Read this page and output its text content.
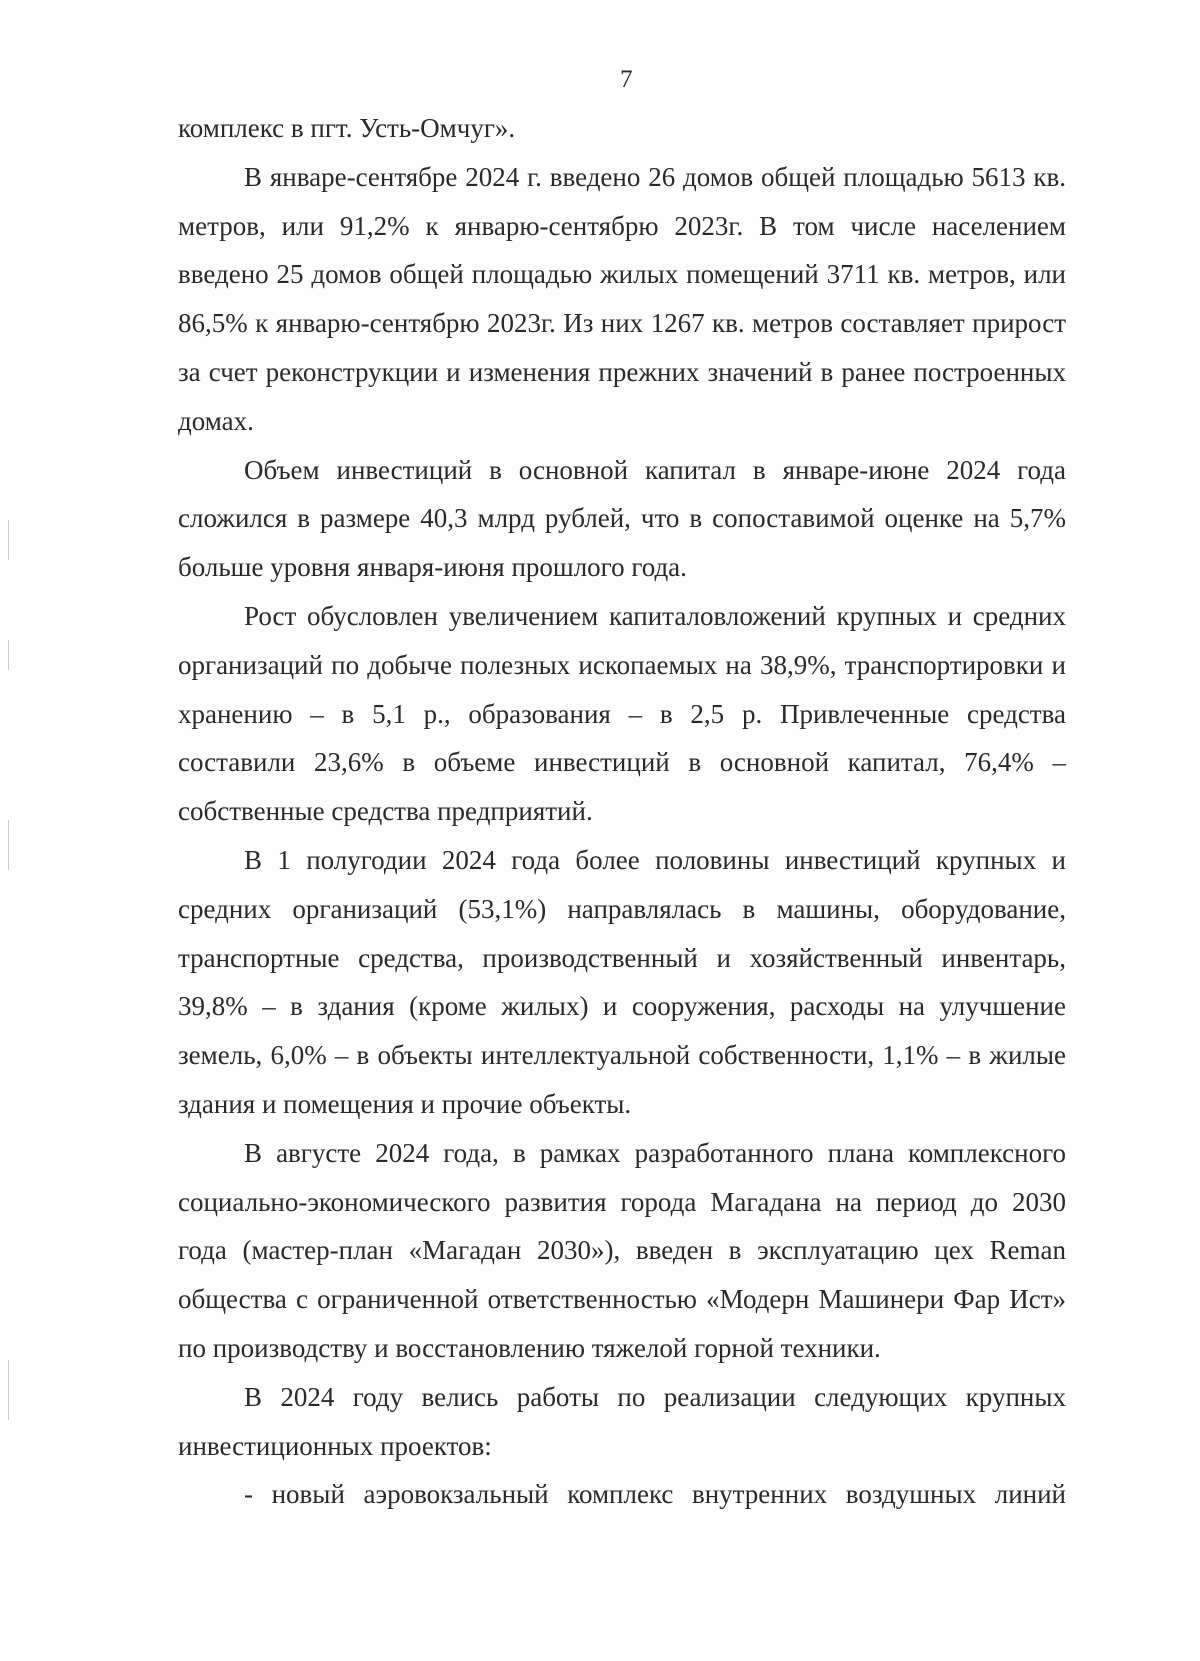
7

комплекс в пгт. Усть-Омчуг».

В январе-сентябре 2024 г. введено 26 домов общей площадью 5613 кв. метров, или 91,2% к январю-сентябрю 2023г. В том числе населением введено 25 домов общей площадью жилых помещений 3711 кв. метров, или 86,5% к январю-сентябрю 2023г. Из них 1267 кв. метров составляет прирост за счет реконструкции и изменения прежних значений в ранее построенных домах.

Объем инвестиций в основной капитал в январе-июне 2024 года сложился в размере 40,3 млрд рублей, что в сопоставимой оценке на 5,7% больше уровня января-июня прошлого года.

Рост обусловлен увеличением капиталовложений крупных и средних организаций по добыче полезных ископаемых на 38,9%, транспортировки и хранению – в 5,1 р., образования – в 2,5 р. Привлеченные средства составили 23,6% в объеме инвестиций в основной капитал, 76,4% – собственные средства предприятий.

В 1 полугодии 2024 года более половины инвестиций крупных и средних организаций (53,1%) направлялась в машины, оборудование, транспортные средства, производственный и хозяйственный инвентарь, 39,8% – в здания (кроме жилых) и сооружения, расходы на улучшение земель, 6,0% – в объекты интеллектуальной собственности, 1,1% – в жилые здания и помещения и прочие объекты.

В августе 2024 года, в рамках разработанного плана комплексного социально-экономического развития города Магадана на период до 2030 года (мастер-план «Магадан 2030»), введен в эксплуатацию цех Reman общества с ограниченной ответственностью «Модерн Машинери Фар Ист» по производству и восстановлению тяжелой горной техники.

В 2024 году велись работы по реализации следующих крупных инвестиционных проектов:

- новый аэровокзальный комплекс внутренних воздушных линий
